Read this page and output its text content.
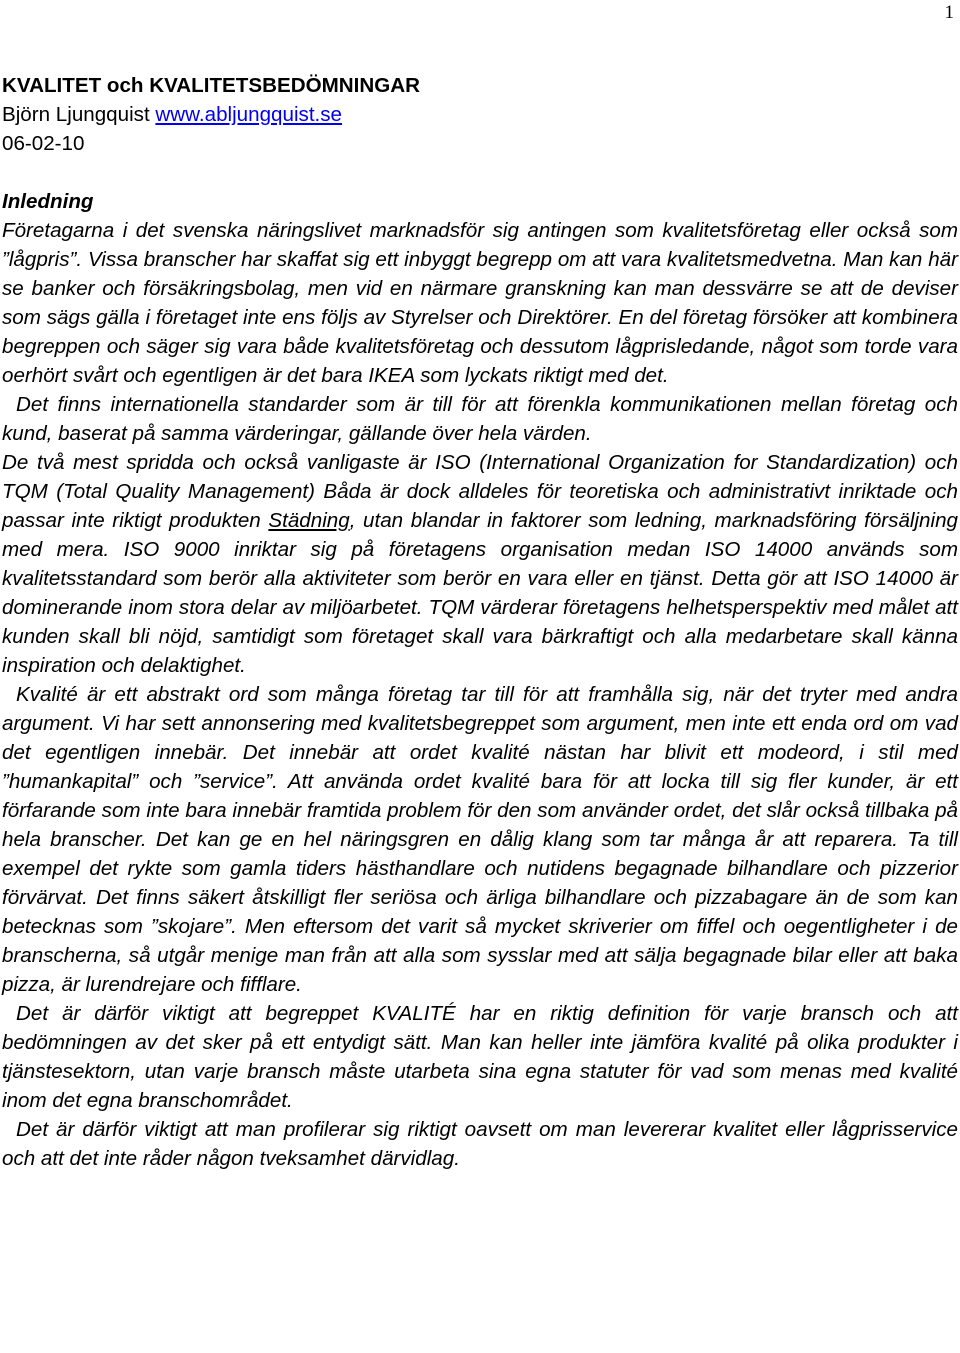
1
KVALITET och KVALITETSBEDÖMNINGAR
Björn Ljungquist www.abljungquist.se
06-02-10
Inledning

Företagarna i det svenska näringslivet marknadsför sig antingen som kvalitetsföretag eller också som ”lågpris”. Vissa branscher har skaffat sig ett inbyggt begrepp om att vara kvalitetsmedvetna. Man kan här se banker och försäkringsbolag, men vid en närmare granskning kan man dessvärre se att de deviser som sägs gälla i företaget inte ens följs av Styrelser och Direktörer. En del företag försöker att kombinera begreppen och säger sig vara både kvalitetsföretag och dessutom lågprisledande, något som torde vara oerhört svårt och egentligen är det bara IKEA som lyckats riktigt med det.

Det finns internationella standarder som är till för att förenkla kommunikationen mellan företag och kund, baserat på samma värderingar, gällande över hela värden.

De två mest spridda och också vanligaste är ISO (International Organization for Standardization) och TQM (Total Quality Management) Båda är dock alldeles för teoretiska och administrativt inriktade och passar inte riktigt produkten Städning, utan blandar in faktorer som ledning, marknadsföring försäljning med mera. ISO 9000 inriktar sig på företagens organisation medan ISO 14000 används som kvalitetsstandard som berör alla aktiviteter som berör en vara eller en tjänst. Detta gör att ISO 14000 är dominerande inom stora delar av miljöarbetet. TQM värderar företagens helhetsperspektiv med målet att kunden skall bli nöjd, samtidigt som företaget skall vara bärkraftigt och alla medarbetare skall känna inspiration och delaktighet.

Kvalité är ett abstrakt ord som många företag tar till för att framhålla sig, när det tryter med andra argument. Vi har sett annonsering med kvalitetsbegreppet som argument, men inte ett enda ord om vad det egentligen innebär. Det innebär att ordet kvalité nästan har blivit ett modeord, i stil med ”humankapital” och ”service”. Att använda ordet kvalité bara för att locka till sig fler kunder, är ett förfarande som inte bara innebär framtida problem för den som använder ordet, det slår också tillbaka på hela branscher. Det kan ge en hel näringsgren en dålig klang som tar många år att reparera. Ta till exempel det rykte som gamla tiders hästhandlare och nutidens begagnade bilhandlare och pizzerior förvärvat. Det finns säkert åtskilligt fler seriösa och ärliga bilhandlare och pizzabagare än de som kan betecknas som ”skojare”. Men eftersom det varit så mycket skriverier om fiffel och oegentligheter i de branscherna, så utgår menige man från att alla som sysslar med att sälja begagnade bilar eller att baka pizza, är lurendrejare och fifflare.

Det är därför viktigt att begreppet KVALITÉ har en riktig definition för varje bransch och att bedömningen av det sker på ett entydigt sätt. Man kan heller inte jämföra kvalité på olika produkter i tjänstesektorn, utan varje bransch måste utarbeta sina egna statuter för vad som menas med kvalité inom det egna branschområdet.

Det är därför viktigt att man profilerar sig riktigt oavsett om man levererar kvalitet eller lågprisservice och att det inte råder någon tveksamhet därvidlag.
